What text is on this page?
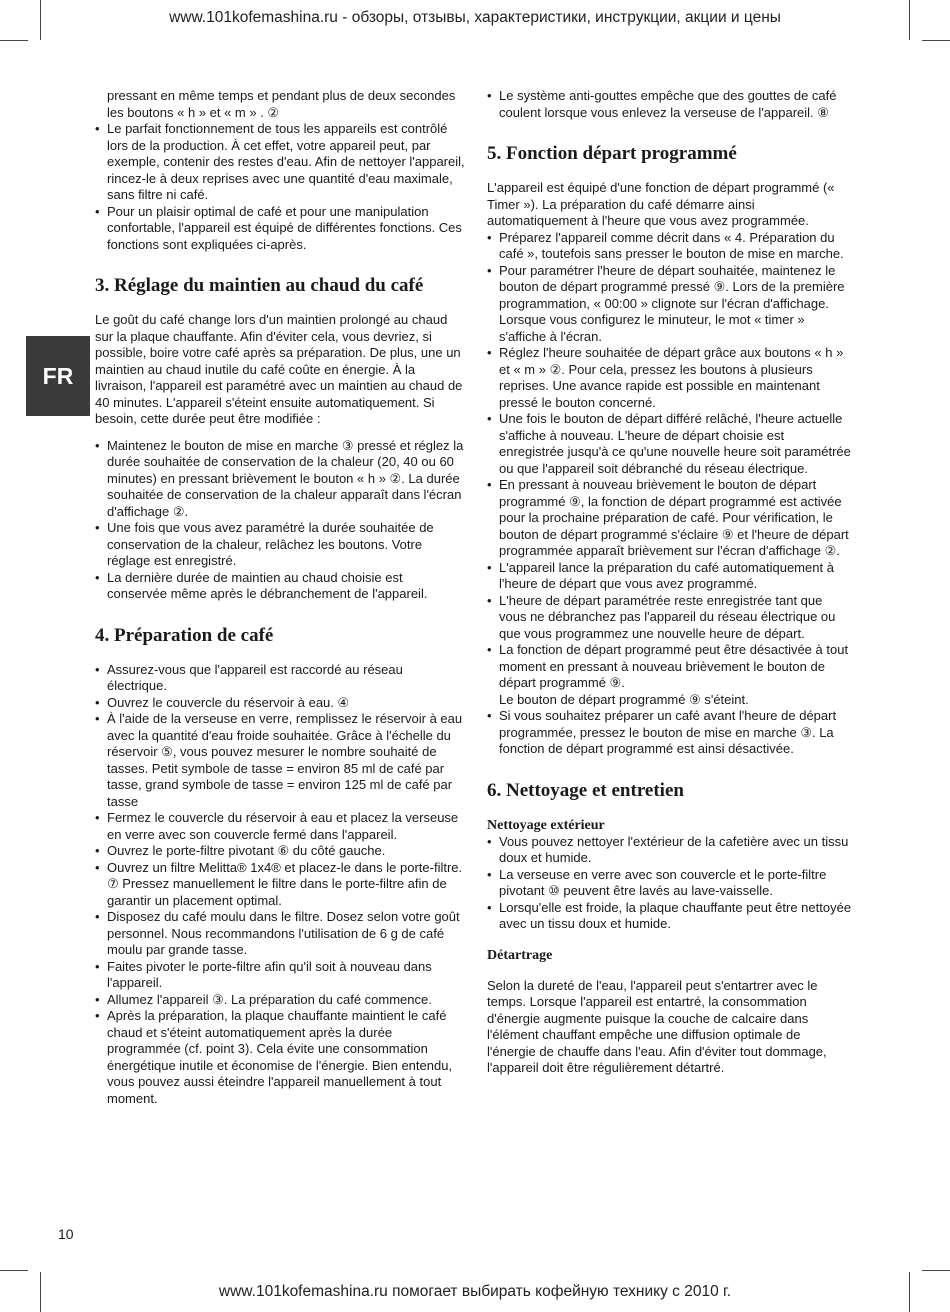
www.101kofemashina.ru - обзоры, отзывы, характеристики, инструкции, акции и цены
FR
pressant en même temps et pendant plus de deux secondes les boutons « h » et « m » . ②
• Le parfait fonctionnement de tous les appareils est contrôlé lors de la production. À cet effet, votre appareil peut, par exemple, contenir des restes d'eau. Afin de nettoyer l'appareil, rincez-le à deux reprises avec une quantité d'eau maximale, sans filtre ni café.
• Pour un plaisir optimal de café et pour une manipulation confortable, l'appareil est équipé de différentes fonctions. Ces fonctions sont expliquées ci-après.
3. Réglage du maintien au chaud du café

Le goût du café change lors d'un maintien prolongé au chaud sur la plaque chauffante. Afin d'éviter cela, vous devriez, si possible, boire votre café après sa préparation. De plus, une un maintien au chaud inutile du café coûte en énergie. À la livraison, l'appareil est paramétré avec un maintien au chaud de 40 minutes. L'appareil s'éteint ensuite automatiquement. Si besoin, cette durée peut être modifiée :

• Maintenez le bouton de mise en marche ③ pressé et réglez la durée souhaitée de conservation de la chaleur (20, 40 ou 60 minutes) en pressant brièvement le bouton « h » ②. La durée souhaitée de conservation de la chaleur apparaît dans l'écran d'affichage ②.
• Une fois que vous avez paramétré la durée souhaitée de conservation de la chaleur, relâchez les boutons. Votre réglage est enregistré.
• La dernière durée de maintien au chaud choisie est conservée même après le débranchement de l'appareil.
4. Préparation de café
• Assurez-vous que l'appareil est raccordé au réseau électrique.
• Ouvrez le couvercle du réservoir à eau. ④
• À l'aide de la verseuse en verre, remplissez le réservoir à eau avec la quantité d'eau froide souhaitée. Grâce à l'échelle du réservoir ⑤, vous pouvez mesurer le nombre souhaité de tasses. Petit symbole de tasse = environ 85 ml de café par tasse, grand symbole de tasse = environ 125 ml de café par tasse
• Fermez le couvercle du réservoir à eau et placez la verseuse en verre avec son couvercle fermé dans l'appareil.
• Ouvrez le porte-filtre pivotant ⑥ du côté gauche.
• Ouvrez un filtre Melitta® 1x4® et placez-le dans le porte-filtre. ⑦ Pressez manuellement le filtre dans le porte-filtre afin de garantir un placement optimal.
• Disposez du café moulu dans le filtre. Dosez selon votre goût personnel. Nous recommandons l'utilisation de 6 g de café moulu par grande tasse.
• Faites pivoter le porte-filtre afin qu'il soit à nouveau dans l'appareil.
• Allumez l'appareil ③. La préparation du café commence.
• Après la préparation, la plaque chauffante maintient le café chaud et s'éteint automatiquement après la durée programmée (cf. point 3). Cela évite une consommation énergétique inutile et économise de l'énergie. Bien entendu, vous pouvez aussi éteindre l'appareil manuellement à tout moment.
• Le système anti-gouttes empêche que des gouttes de café coulent lorsque vous enlevez la verseuse de l'appareil. ⑧
5. Fonction départ programmé

L'appareil est équipé d'une fonction de départ programmé (« Timer »). La préparation du café démarre ainsi automatiquement à l'heure que vous avez programmée.

• Préparez l'appareil comme décrit dans « 4. Préparation du café », toutefois sans presser le bouton de mise en marche.
• Pour paramétrer l'heure de départ souhaitée, maintenez le bouton de départ programmé pressé ⑨. Lors de la première programmation, « 00:00 » clignote sur l'écran d'affichage. Lorsque vous configurez le minuteur, le mot « timer » s'affiche à l'écran.
• Réglez l'heure souhaitée de départ grâce aux boutons « h » et « m » ②. Pour cela, pressez les boutons à plusieurs reprises. Une avance rapide est possible en maintenant pressé le bouton concerné.
• Une fois le bouton de départ différé relâché, l'heure actuelle s'affiche à nouveau. L'heure de départ choisie est enregistrée jusqu'à ce qu'une nouvelle heure soit paramétrée ou que l'appareil soit débranché du réseau électrique.
• En pressant à nouveau brièvement le bouton de départ programmé ⑨, la fonction de départ programmé est activée pour la prochaine préparation de café. Pour vérification, le bouton de départ programmé s'éclaire ⑨ et l'heure de départ programmée apparaît brièvement sur l'écran d'affichage ②.
• L'appareil lance la préparation du café automatiquement à l'heure de départ que vous avez programmé.
• L'heure de départ paramétrée reste enregistrée tant que vous ne débranchez pas l'appareil du réseau électrique ou que vous programmez une nouvelle heure de départ.
• La fonction de départ programmé peut être désactivée à tout moment en pressant à nouveau brièvement le bouton de départ programmé ⑨.
Le bouton de départ programmé ⑨ s'éteint.
• Si vous souhaitez préparer un café avant l'heure de départ programmée, pressez le bouton de mise en marche ③. La fonction de départ programmé est ainsi désactivée.
6. Nettoyage et entretien
Nettoyage extérieur
• Vous pouvez nettoyer l'extérieur de la cafetière avec un tissu doux et humide.
• La verseuse en verre avec son couvercle et le porte-filtre pivotant ⑩ peuvent être lavés au lave-vaisselle.
• Lorsqu'elle est froide, la plaque chauffante peut être nettoyée avec un tissu doux et humide.
Détartrage

Selon la dureté de l'eau, l'appareil peut s'entartrer avec le temps. Lorsque l'appareil est entartré, la consommation d'énergie augmente puisque la couche de calcaire dans l'élément chauffant empêche une diffusion optimale de l'énergie de chauffe dans l'eau. Afin d'éviter tout dommage, l'appareil doit être régulièrement détartré.

10
www.101kofemashina.ru помогает выбирать кофейную технику с 2010 г.
